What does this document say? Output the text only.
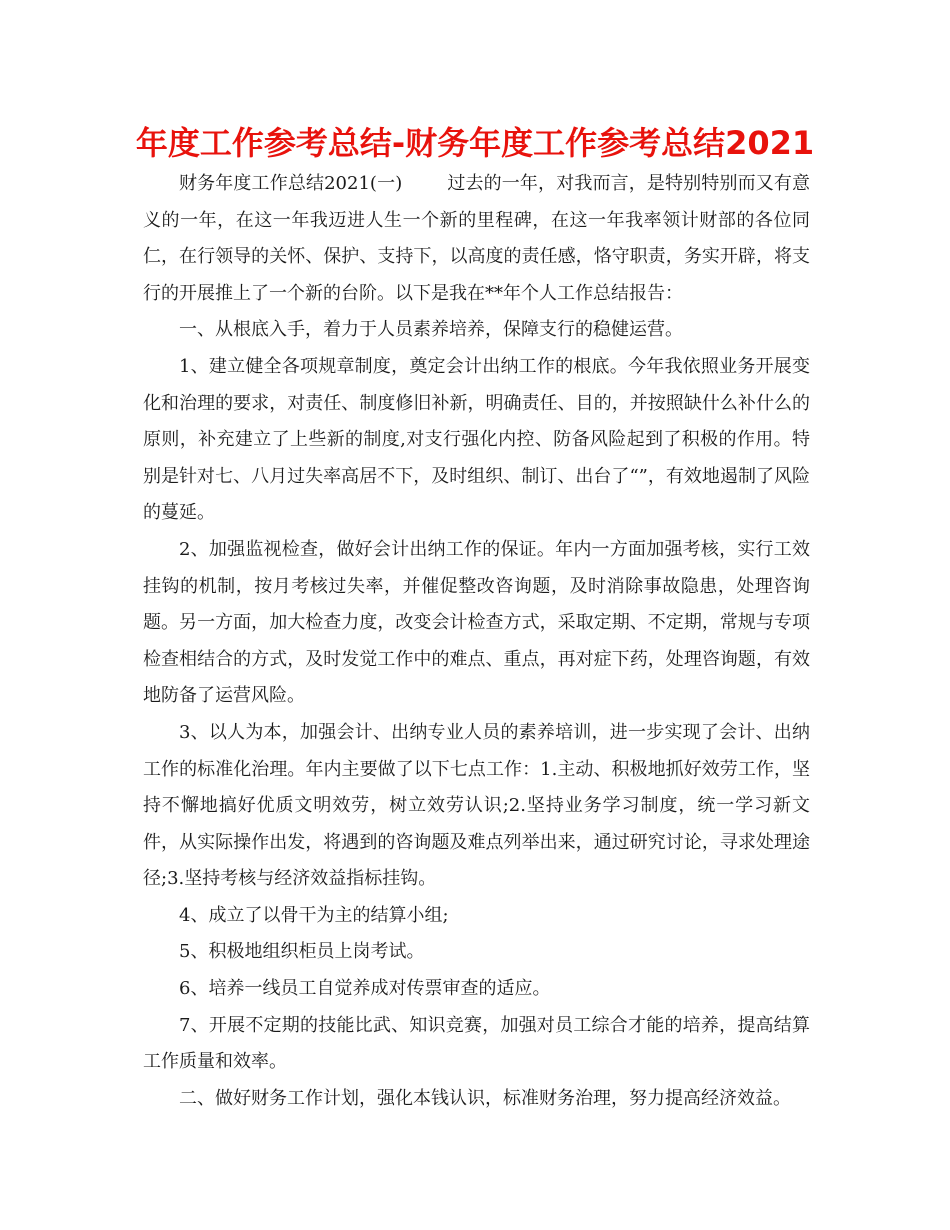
年度工作参考总结-财务年度工作参考总结2021

财务年度工作总结2021(一)	过去的一年，对我而言，是特别特别而又有意义的一年，在这一年我迈进人生一个新的里程碑，在这一年我率领计财部的各位同仁，在行领导的关怀、保护、支持下，以高度的责任感，恪守职责，务实开辟，将支行的开展推上了一个新的台阶。以下是我在**年个人工作总结报告：

一、从根底入手，着力于人员素养培养，保障支行的稳健运营。

1、建立健全各项规章制度，奠定会计出纳工作的根底。今年我依照业务开展变化和治理的要求，对责任、制度修旧补新，明确责任、目的，并按照缺什么补什么的原则，补充建立了上些新的制度,对支行强化内控、防备风险起到了积极的作用。特别是针对七、八月过失率高居不下，及时组织、制订、出台了“”，有效地遏制了风险的蔓延。

2、加强监视检查，做好会计出纳工作的保证。年内一方面加强考核，实行工效挂钩的机制，按月考核过失率，并催促整改咨询题，及时消除事故隐患，处理咨询题。另一方面，加大检查力度，改变会计检查方式，采取定期、不定期，常规与专项检查相结合的方式，及时发觉工作中的难点、重点，再对症下药，处理咨询题，有效地防备了运营风险。

3、以人为本，加强会计、出纳专业人员的素养培训，进一步实现了会计、出纳工作的标准化治理。年内主要做了以下七点工作：1.主动、积极地抓好效劳工作，坚持不懈地搞好优质文明效劳，树立效劳认识;2.坚持业务学习制度，统一学习新文件，从实际操作出发，将遇到的咨询题及难点列举出来，通过研究讨论，寻求处理途径;3.坚持考核与经济效益指标挂钩。

4、成立了以骨干为主的结算小组;

5、积极地组织柜员上岗考试。

6、培养一线员工自觉养成对传票审查的适应。

7、开展不定期的技能比武、知识竞赛，加强对员工综合才能的培养，提高结算工作质量和效率。

二、做好财务工作计划，强化本钱认识，标准财务治理，努力提高经济效益。
